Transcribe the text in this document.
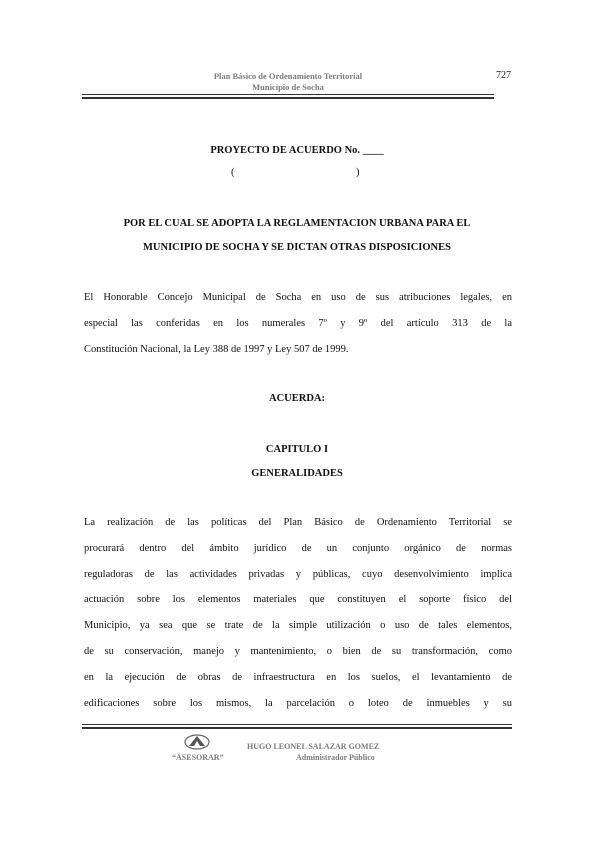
Plan Básico de Ordenamiento Territorial
Municipio de Socha
727
PROYECTO DE ACUERDO No. ____
(	)
POR EL CUAL SE ADOPTA LA REGLAMENTACION URBANA PARA EL
MUNICIPIO DE SOCHA Y SE DICTAN OTRAS DISPOSICIONES

El Honorable Concejo Municipal de Socha en uso de sus atribuciones legales, en

especial las conferidas en los numerales 7º y 9º del artículo 313 de la

Constitución Nacional, la Ley 388 de 1997 y Ley 507 de 1999.

ACUERDA:
CAPITULO I
GENERALIDADES

La realización de las políticas del Plan Básico de Ordenamiento Territorial se

procurará dentro del ámbito jurídico de un conjunto orgánico de normas

reguladoras de las actividades privadas y públicas, cuyo desenvolvimiento implica

actuación sobre los elementos materiales que constituyen el soporte físico del

Municipio, ya sea que se trate de la simple utilización o uso de tales elementos,

de su conservación, manejo y mantenimiento, o bien de su transformación, como

en la ejecución de obras de infraestructura en los suelos, el levantamiento de

edificaciones sobre los mismos, la parcelación o loteo de inmuebles y su

“ASESORAR”
HUGO LEONEL SALAZAR GOMEZ
Administrador Público
